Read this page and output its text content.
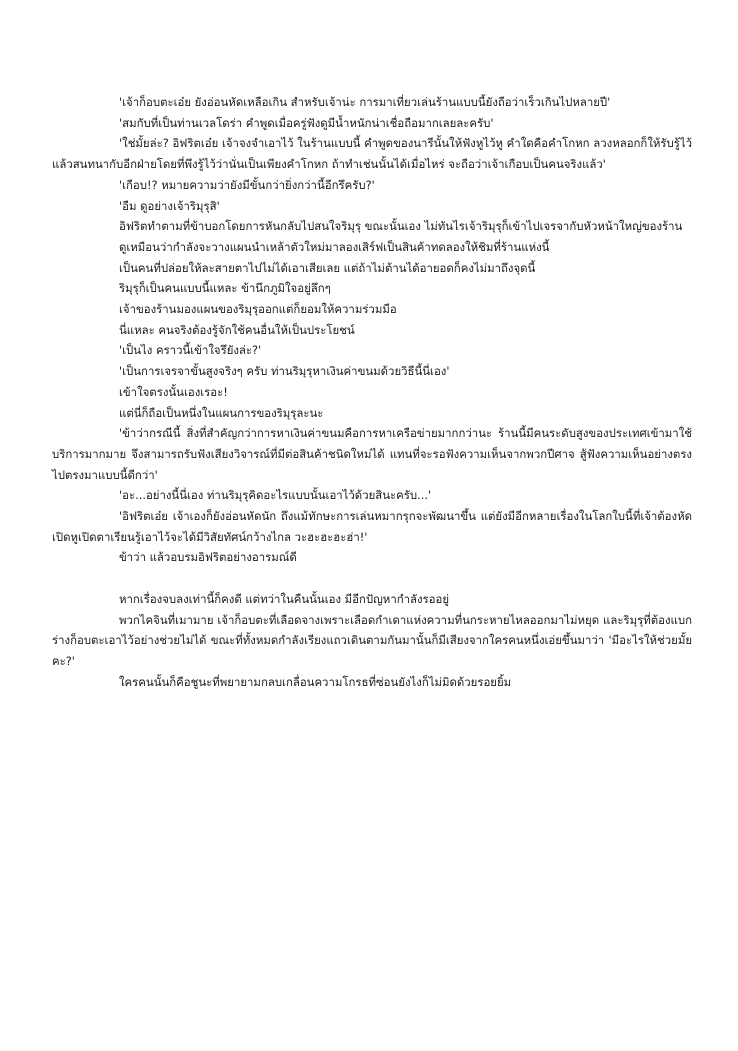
'เจ้าก็อบตะเอ๋ย ยังอ่อนหัดเหลือเกิน สำหรับเจ้าน่ะ การมาเที่ยวเล่นร้านแบบนี้ยังถือว่าเร็วเกินไปหลายปี'

'สมกับที่เป็นท่านเวลโดร่า คำพูดเมื่อครู่ฟังดูมีน้ำหนักน่าเชื่อถือมากเลยละครับ'

'ใช่มั้ยล่ะ? อิฟริตเอ๋ย เจ้าจงจำเอาไว้ ในร้านแบบนี้ คำพูดของนารีนั้นให้ฟังหูไว้หู คำใดคือคำโกหก ลวงหลอกก็ให้รับรู้ไว้ แล้วสนทนากับอีกฝ่ายโดยที่พึงรู้ไว้ว่านั่นเป็นเพียงคำโกหก ถ้าทำเช่นนั้นได้เมื่อไหร่ จะถือว่าเจ้าเกือบเป็นคนจริงแล้ว'

'เกือบ!? หมายความว่ายังมีขั้นกว่ายิ่งกว่านี้อีกรึครับ?'

'อืม ดูอย่างเจ้าริมุรุสิ'

อิฟริตทำตามที่ข้าบอกโดยการหันกลับไปสนใจริมุรุ ขณะนั้นเอง ไม่ทันไรเจ้าริมุรุก็เข้าไปเจรจากับหัวหน้าใหญ่ของร้าน

ดูเหมือนว่ากำลังจะวางแผนนำเหล้าตัวใหม่มาลองเสิร์ฟเป็นสินค้าทดลองให้ชิมที่ร้านแห่งนี้

เป็นคนที่ปล่อยให้ละสายตาไปไม่ได้เอาเสียเลย แต่ถ้าไม่ต้านได้อายอดก็คงไม่มาถึงจุดนี้

ริมุรุก็เป็นคนแบบนี้แหละ ข้านึกภูมิใจอยู่ลึกๆ

เจ้าของร้านมองแผนของริมุรุออกแต่ก็ยอมให้ความร่วมมือ

นี่แหละ คนจริงต้องรู้จักใช้คนอื่นให้เป็นประโยชน์

'เป็นไง คราวนี้เข้าใจรึยังล่ะ?'

'เป็นการเจรจาขั้นสูงจริงๆ ครับ ท่านริมุรุหาเงินค่าขนมด้วยวิธีนี้นี่เอง'

เข้าใจตรงนั้นเองเรอะ!

แต่นี่ก็ถือเป็นหนึ่งในแผนการของริมุรุละนะ

'ข้าว่ากรณีนี้ สิ่งที่สำคัญกว่าการหาเงินค่าขนมคือการหาเครือข่ายมากกว่านะ ร้านนี้มีคนระดับสูงของประเทศเข้ามาใช้บริการมากมาย จึงสามารถรับฟังเสียงวิจารณ์ที่มีต่อสินค้าชนิดใหม่ได้ แทนที่จะรอฟังความเห็นจากพวกปีศาจ สู้ฟังความเห็นอย่างตรงไปตรงมาแบบนี้ดีกว่า'

'อะ...อย่างนี้นี่เอง ท่านริมุรุคิดอะไรแบบนั้นเอาไว้ด้วยสินะครับ...'

'อิฟริตเอ๋ย เจ้าเองก็ยังอ่อนหัดนัก ถึงแม้ทักษะการเล่นหมากรุกจะพัฒนาขึ้น แต่ยังมีอีกหลายเรื่องในโลกใบนี้ที่เจ้าต้องหัดเปิดหูเปิดตาเรียนรู้เอาไว้จะได้มีวิสัยทัศน์กว้างไกล วะฮะฮะฮะฮ่า!'

ข้าว่า แล้วอบรมอิฟริตอย่างอารมณ์ดี

หากเรื่องจบลงเท่านี้ก็คงดี แต่ทว่าในคืนนั้นเอง มีอีกปัญหากำลังรออยู่

พวกไคจินที่เมามาย เจ้าก็อบตะที่เลือดจางเพราะเลือดกำเดาแห่งความที่นกระหายไหลออกมาไม่หยุด และริมุรุที่ต้องแบกร่างก็อบตะเอาไว้อย่างช่วยไม่ได้ ขณะที่ทั้งหมดกำลังเรียงแถวเดินตามกันมานั้นก็มีเสียงจากใครคนหนึ่งเอ่ยขึ้นมาว่า 'มีอะไรให้ช่วยมั้ยคะ?'

ใครคนนั้นก็คือชูนะที่พยายามกลบเกลื่อนความโกรธที่ซ่อนยังไงก็ไม่มิดด้วยรอยยิ้ม
